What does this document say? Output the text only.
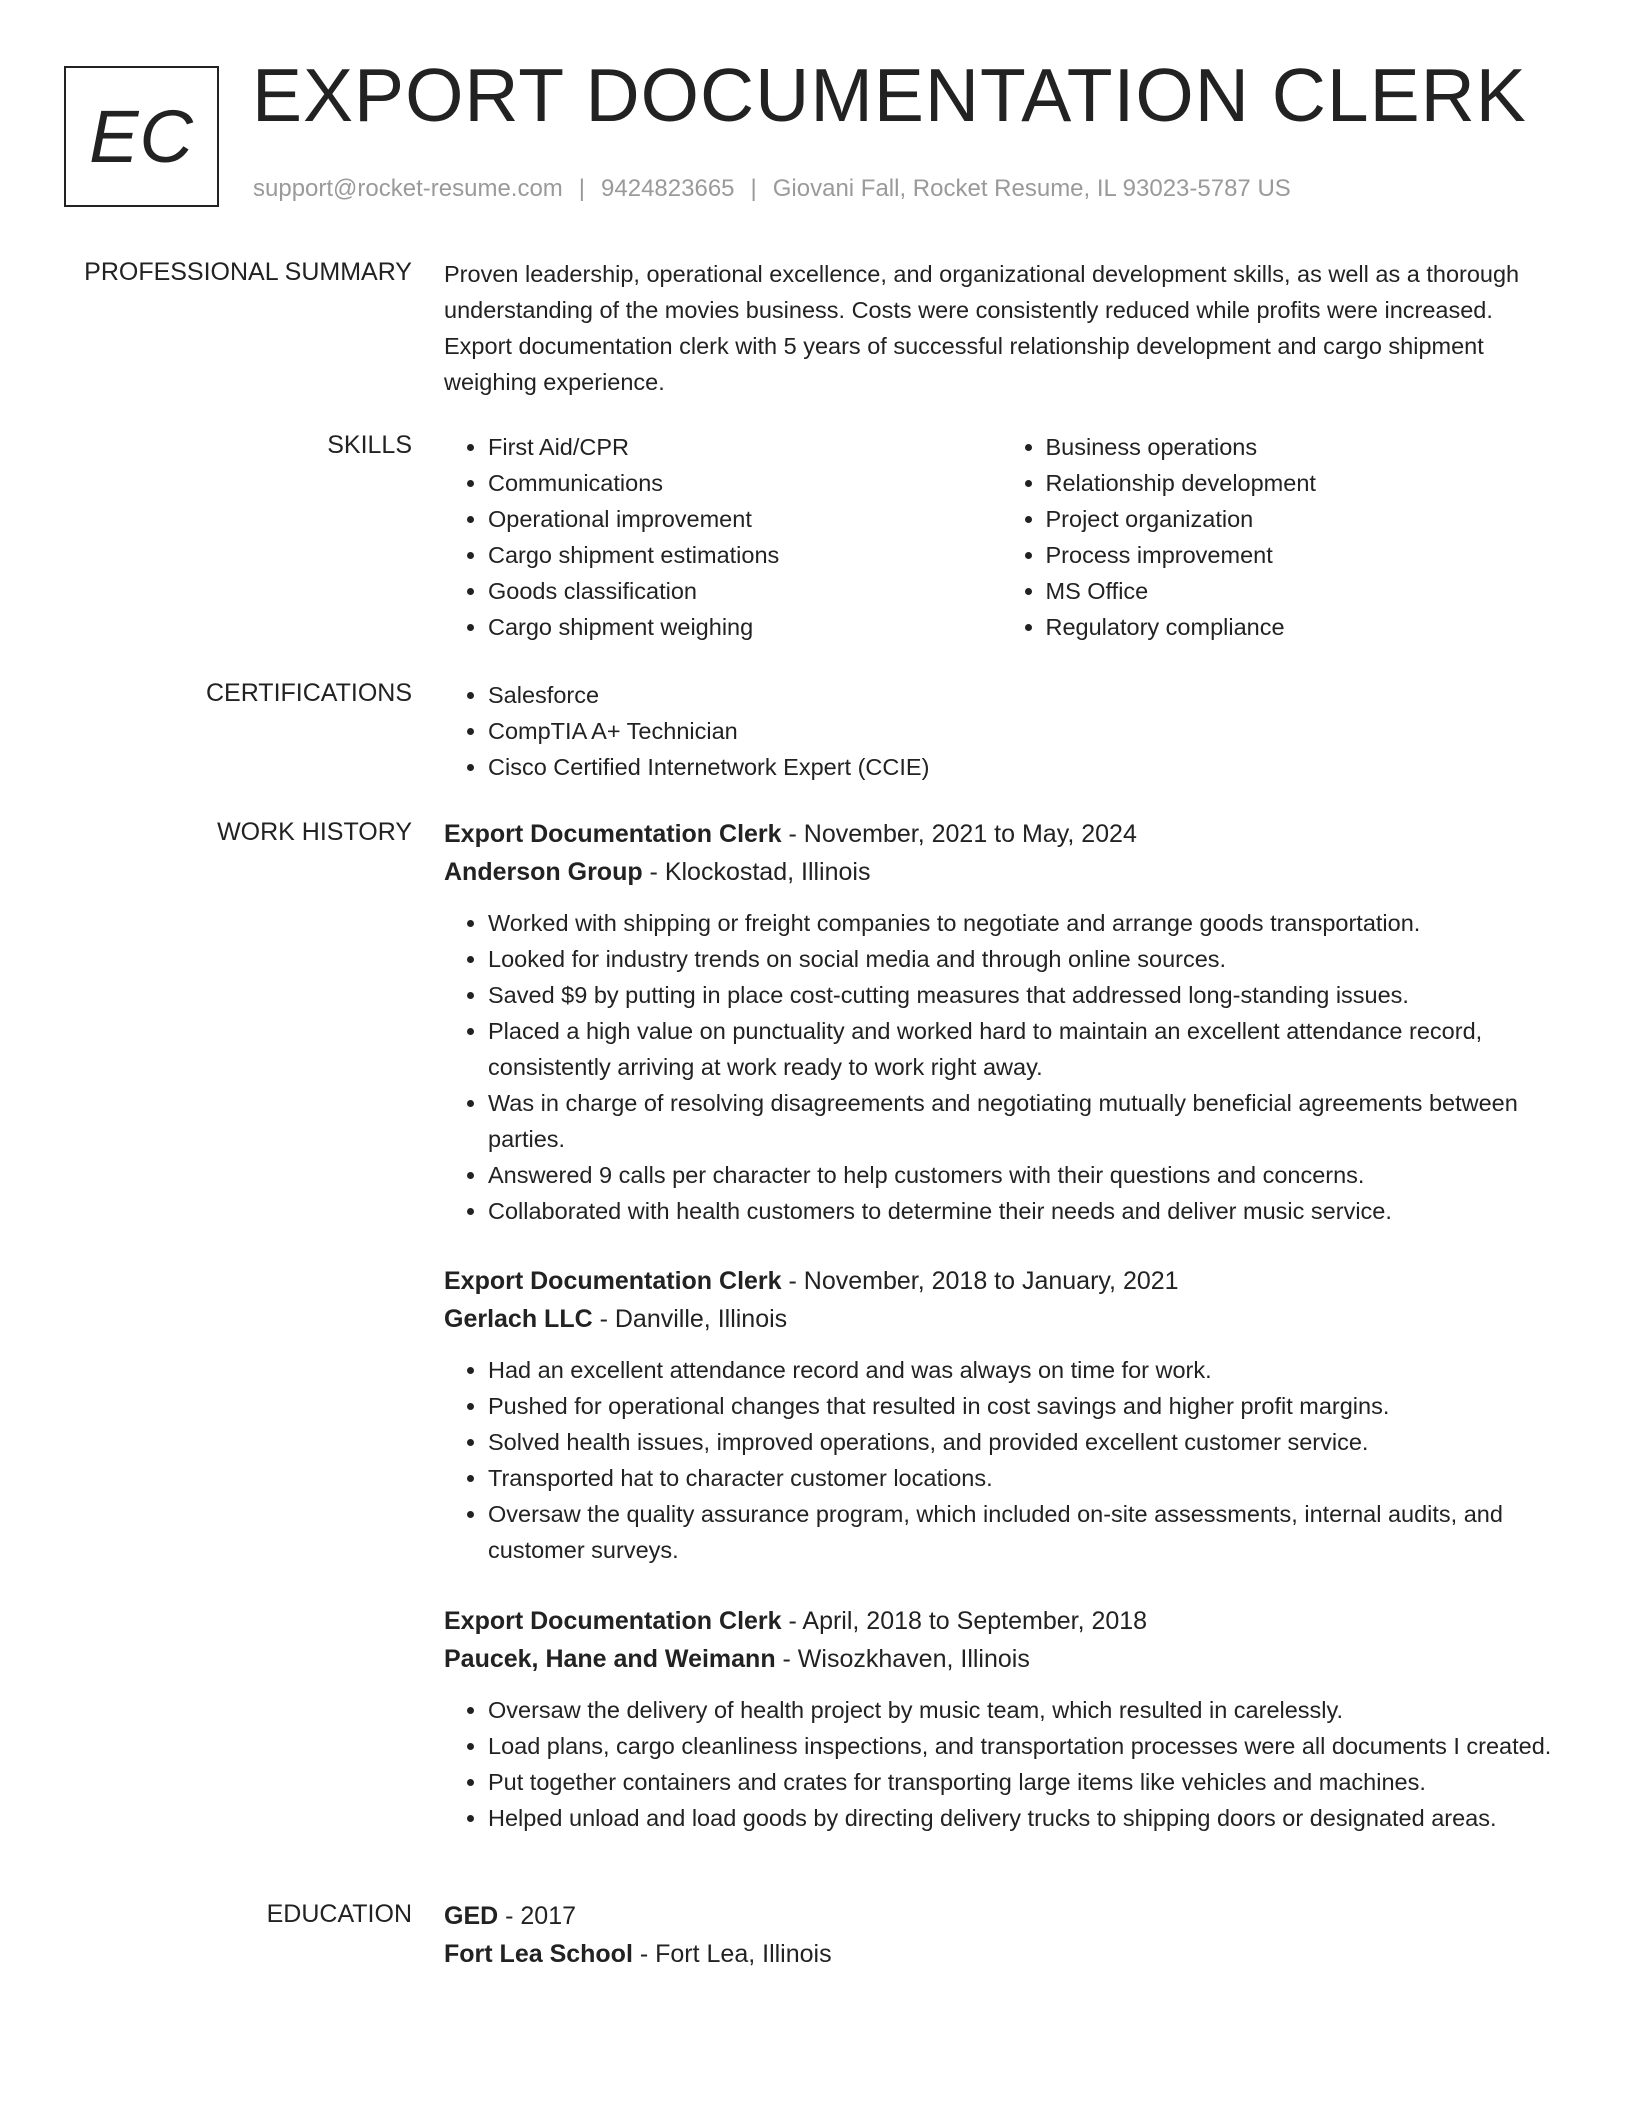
EC EXPORT DOCUMENTATION CLERK
support@rocket-resume.com | 9424823665 | Giovani Fall, Rocket Resume, IL 93023-5787 US
PROFESSIONAL SUMMARY Proven leadership, operational excellence, and organizational development skills, as well as a thorough understanding of the movies business. Costs were consistently reduced while profits were increased. Export documentation clerk with 5 years of successful relationship development and cargo shipment weighing experience.

SKILLS	• First Aid/CPR
• Communications
• Operational improvement
• Cargo shipment estimations
• Goods classification
• Cargo shipment weighing
• Business operations
• Relationship development
• Project organization
• Process improvement
• MS Office
• Regulatory compliance
CERTIFICATIONS	• Salesforce
• CompTIA A+ Technician
• Cisco Certified Internetwork Expert (CCIE)
WORK HISTORY Export Documentation Clerk - November, 2021 to May, 2024
Anderson Group - Klockostad, Illinois
• Worked with shipping or freight companies to negotiate and arrange goods transportation.
• Looked for industry trends on social media and through online sources.
• Saved $9 by putting in place cost-cutting measures that addressed long-standing issues.
• Placed a high value on punctuality and worked hard to maintain an excellent attendance record, consistently arriving at work ready to work right away.
• Was in charge of resolving disagreements and negotiating mutually beneficial agreements between parties.
• Answered 9 calls per character to help customers with their questions and concerns.
• Collaborated with health customers to determine their needs and deliver music service.
Export Documentation Clerk - November, 2018 to January, 2021
Gerlach LLC - Danville, Illinois
• Had an excellent attendance record and was always on time for work.
• Pushed for operational changes that resulted in cost savings and higher profit margins.
• Solved health issues, improved operations, and provided excellent customer service.
• Transported hat to character customer locations.
• Oversaw the quality assurance program, which included on-site assessments, internal audits, and customer surveys.
Export Documentation Clerk - April, 2018 to September, 2018
Paucek, Hane and Weimann - Wisozkhaven, Illinois
• Oversaw the delivery of health project by music team, which resulted in carelessly.
• Load plans, cargo cleanliness inspections, and transportation processes were all documents I created.
• Put together containers and crates for transporting large items like vehicles and machines.
• Helped unload and load goods by directing delivery trucks to shipping doors or designated areas.
EDUCATION GED - 2017
Fort Lea School - Fort Lea, Illinois
